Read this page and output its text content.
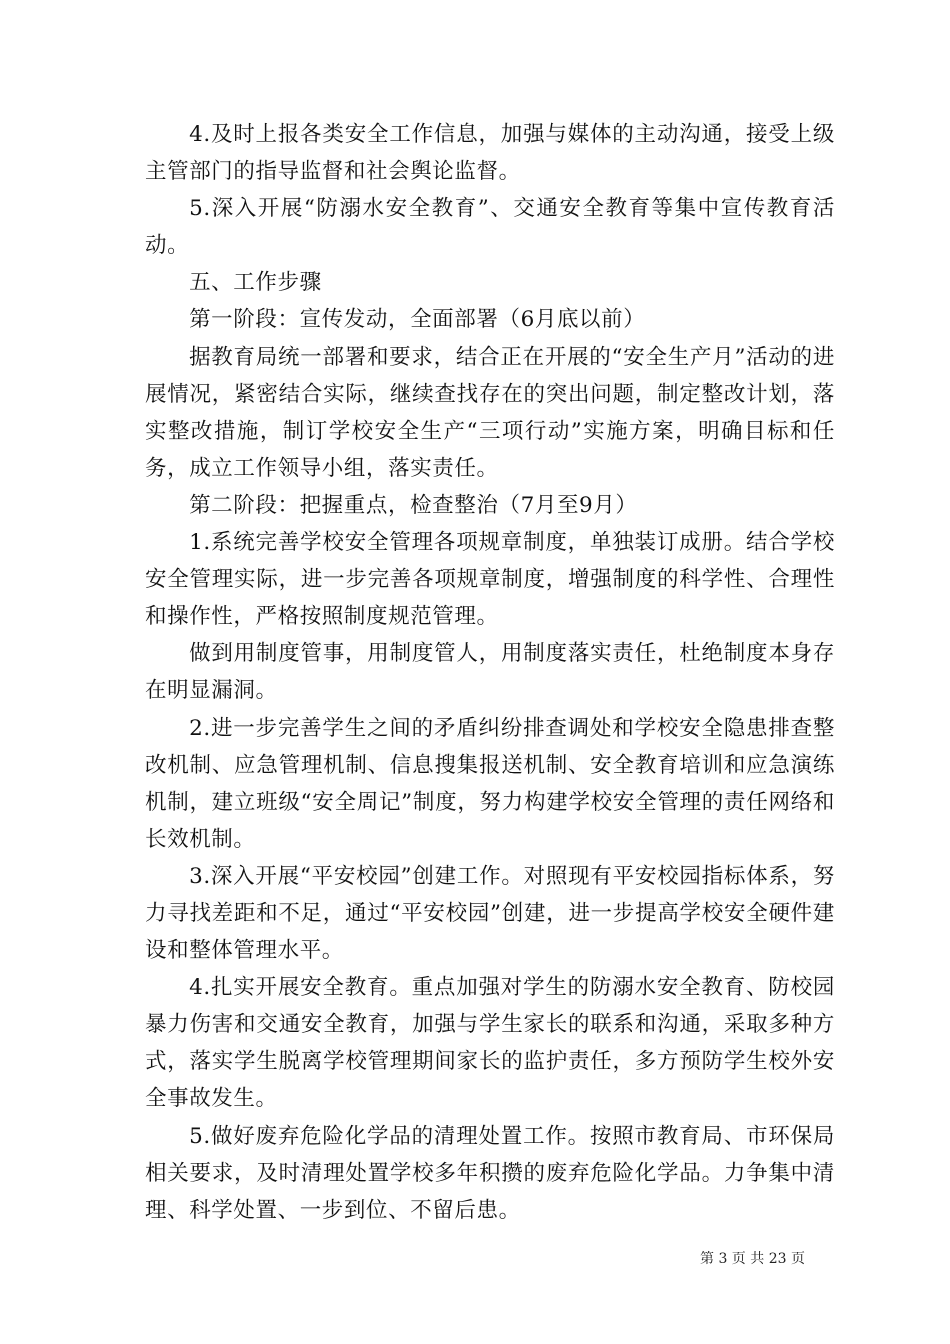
4.及时上报各类安全工作信息，加强与媒体的主动沟通，接受上级主管部门的指导监督和社会舆论监督。

5.深入开展“防溺水安全教育”、交通安全教育等集中宣传教育活动。

五、工作步骤

第一阶段：宣传发动，全面部署（6月底以前）

据教育局统一部署和要求，结合正在开展的“安全生产月”活动的进展情况，紧密结合实际，继续查找存在的突出问题，制定整改计划，落实整改措施，制订学校安全生产“三项行动”实施方案，明确目标和任务，成立工作领导小组，落实责任。

第二阶段：把握重点，检查整治（7月至9月）

1.系统完善学校安全管理各项规章制度，单独装订成册。结合学校安全管理实际，进一步完善各项规章制度，增强制度的科学性、合理性和操作性，严格按照制度规范管理。

做到用制度管事，用制度管人，用制度落实责任，杜绝制度本身存在明显漏洞。

2.进一步完善学生之间的矛盾纠纷排查调处和学校安全隐患排查整改机制、应急管理机制、信息搜集报送机制、安全教育培训和应急演练机制，建立班级“安全周记”制度，努力构建学校安全管理的责任网络和长效机制。

3.深入开展“平安校园”创建工作。对照现有平安校园指标体系，努力寻找差距和不足，通过“平安校园”创建，进一步提高学校安全硬件建设和整体管理水平。

4.扎实开展安全教育。重点加强对学生的防溺水安全教育、防校园暴力伤害和交通安全教育，加强与学生家长的联系和沟通，采取多种方式，落实学生脱离学校管理期间家长的监护责任，多方预防学生校外安全事故发生。

5.做好废弃危险化学品的清理处置工作。按照市教育局、市环保局相关要求，及时清理处置学校多年积攒的废弃危险化学品。力争集中清理、科学处置、一步到位、不留后患。

第 3 页 共 23 页
